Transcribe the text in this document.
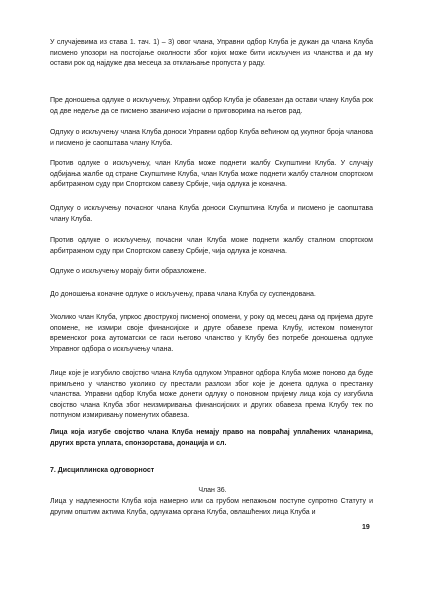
У случајевима из става 1. тач. 1) – 3) овог члана, Управни одбор Клуба је дужан да члана Клуба писмено упозори на постојање околности због којих може бити искључен из чланства и да му остави рок од најдуже два месеца за отклањање пропуста у раду.

Пре доношења одлуке о искључењу, Управни одбор Клуба је обавезан да остави члану Клуба рок од две недеље да се писмено званично изјасни о приговорима на његов рад.

Одлуку о искључењу члана Клуба доноси Управни одбор Клуба већином од укупног броја чланова и писмено је саопштава члану Клуба.

Против одлуке о искључењу, члан Клуба може поднети жалбу Скупштини Клуба. У случају одбијања жалбе од стране Скупштине Клуба, члан Клуба може поднети жалбу сталном спортском арбитражном суду при Спортском савезу Србије, чија одлука је коначна.

Одлуку о искључењу почасног члана Клуба доноси Скупштина Клуба и писмено је саопштава члану Клуба.

Против одлуке о искључењу, почасни члан Клуба може поднети жалбу сталном спортском арбитражном суду при Спортском савезу Србије, чија одлука је коначна.

Одлуке о искључењу морају бити образложене.

До доношења коначне одлуке о искључењу, права члана Клуба су суспендована.

Уколико члан Клуба, упркос двострукој писменој опомени, у року од месец дана од пријема друге опомене, не измири своје финансијске и друге обавезе према Клубу, истеком поменутог временског рока аутоматски се гаси његово чланство у Клубу без потребе доношења одлуке Управног одбора о искључењу члана.

Лице које је изгубило својство члана Клуба одлуком Управног одбора Клуба може поново да буде примљено у чланство уколико су престали разлози због које је донета одлука о престанку чланства. Управни одбор Клуба може донети одлуку о поновном пријему лица која су изгубила својство члана Клуба због неизмиривања финансијских и других обавеза према Клубу тек по потпуном измиривању поменутих обавеза.

Лица која изгубе својство члана Клуба немају право на повраћај уплаћених чланарина, других врста уплата, спонзорстава, донација и сл.

7. Дисциплинска одговорност

Члан 36.

Лица у надлежности Клуба која намерно или са грубом непажњом поступе супротно Статуту и другим општим актима Клуба, одлукама органа Клуба, овлашћених лица Клуба и

19
